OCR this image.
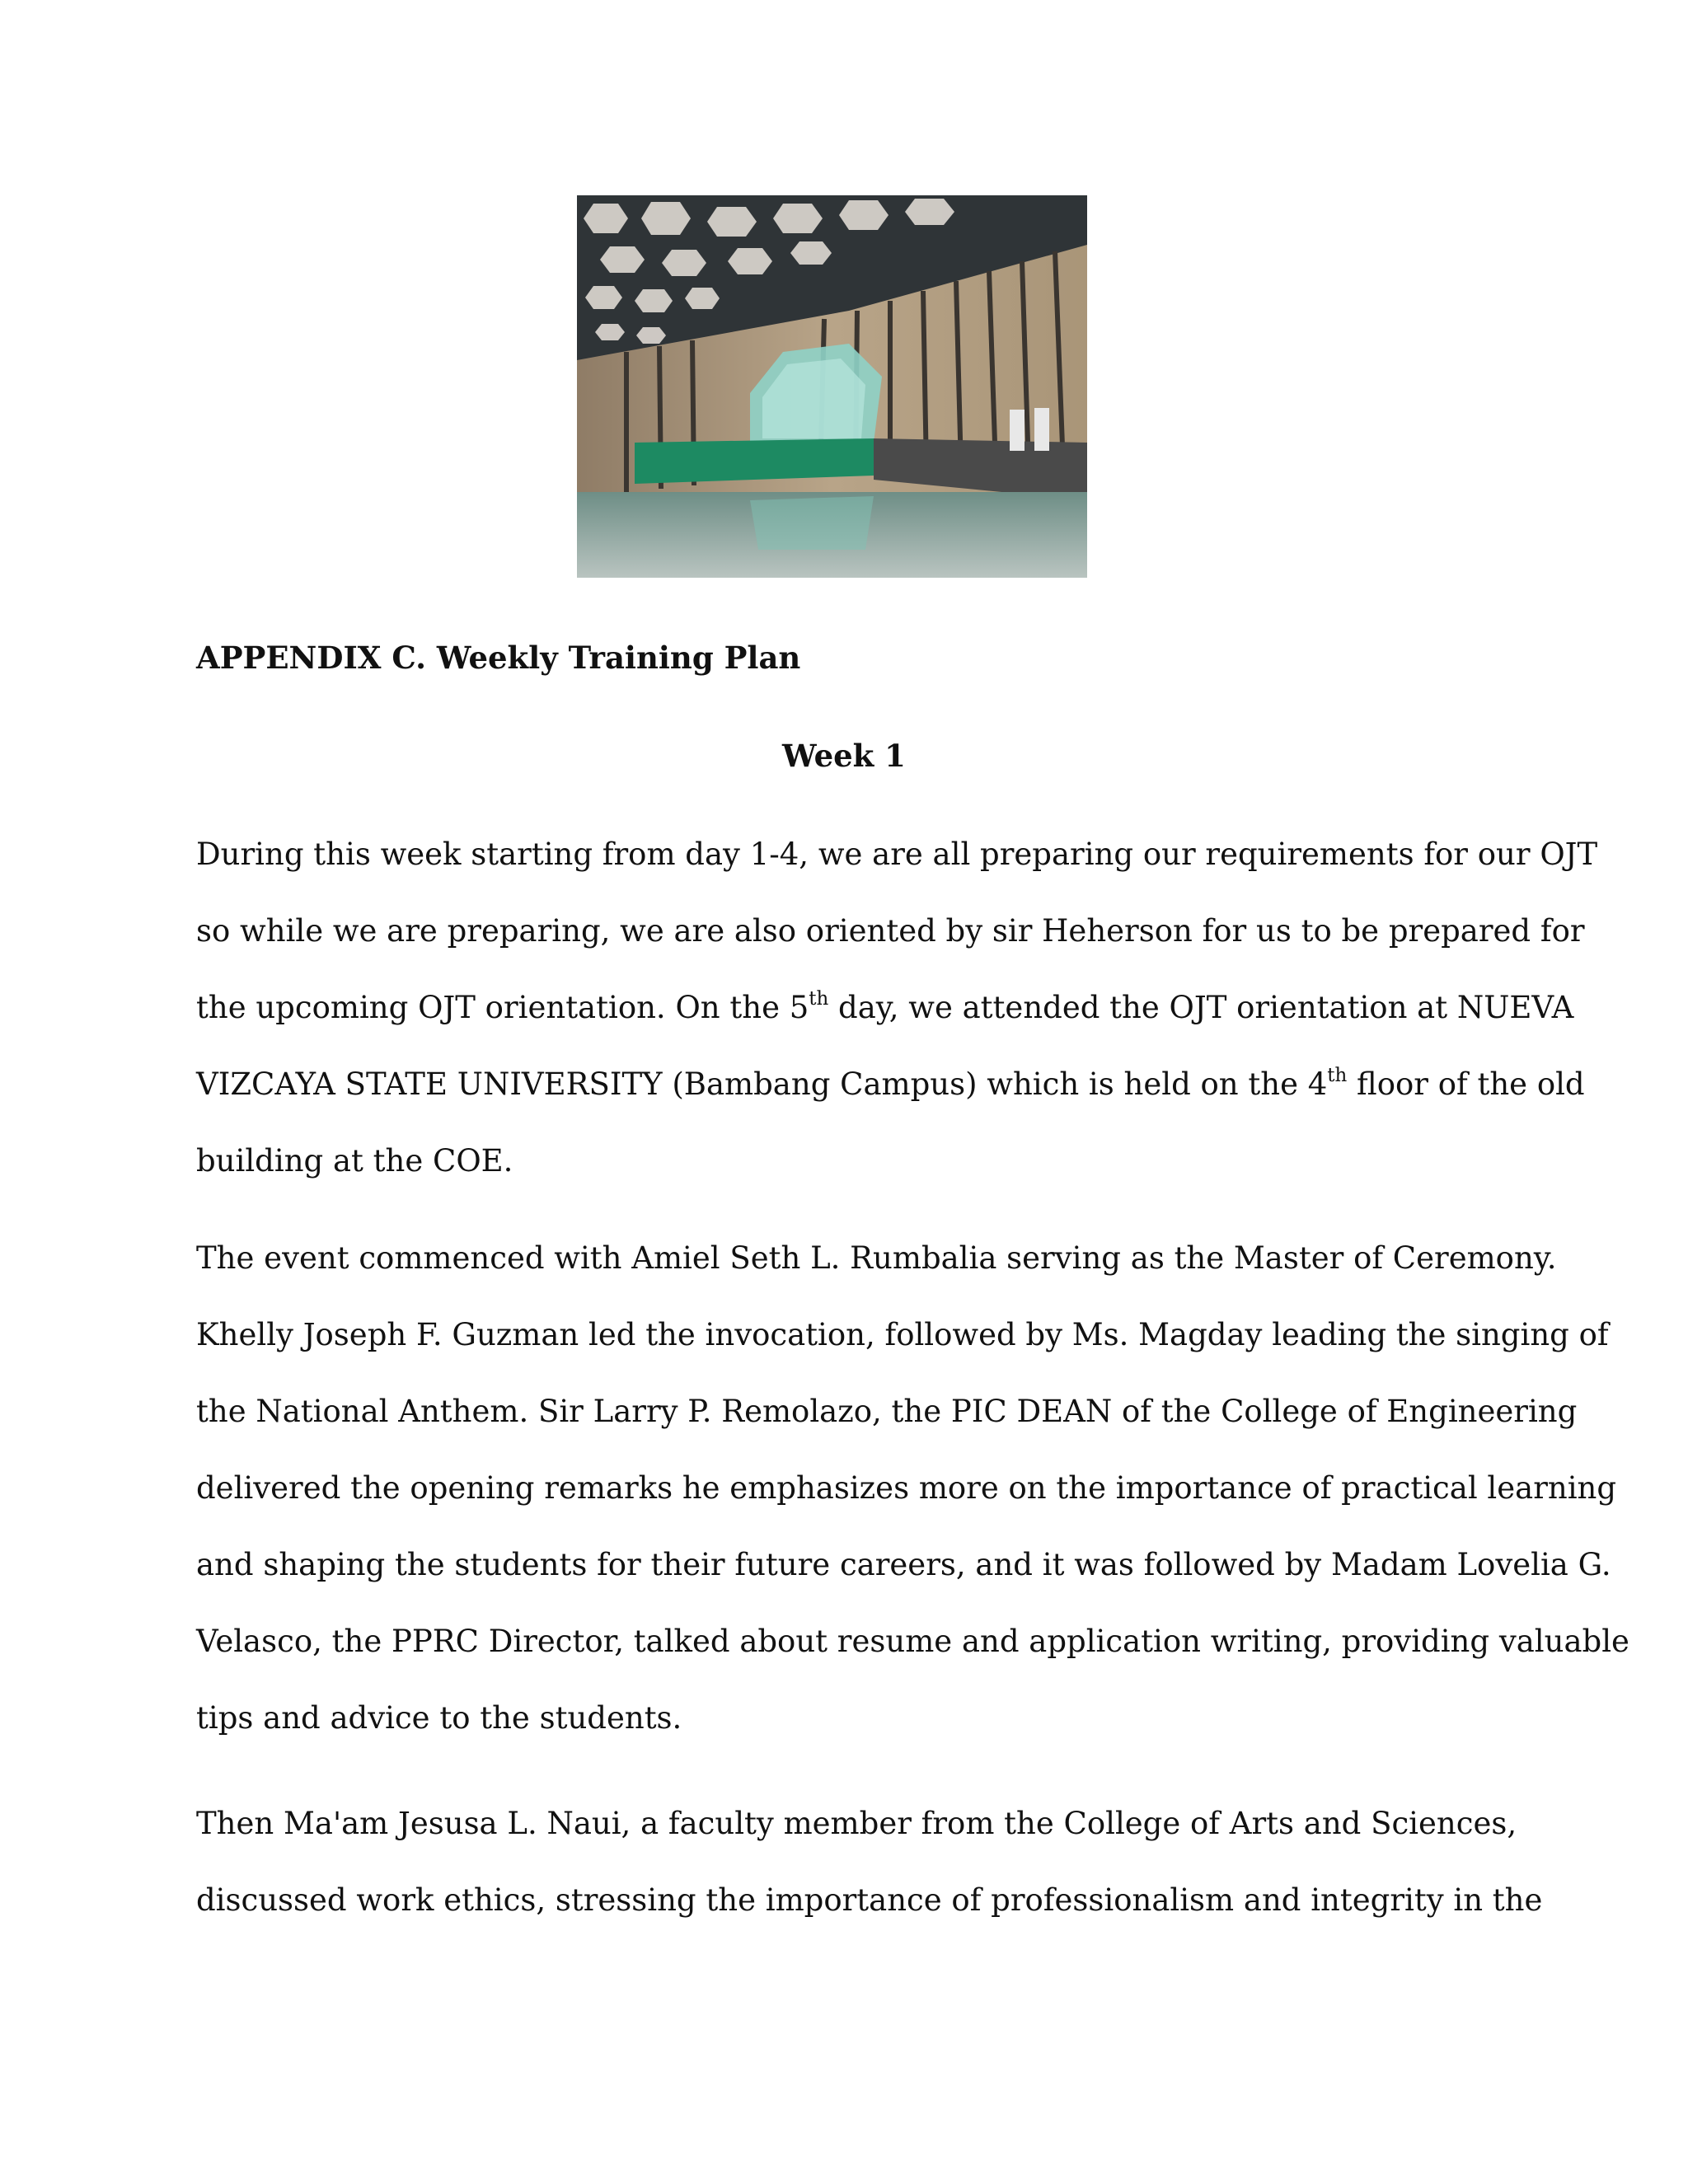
APPENDIX C. Weekly Training Plan

Week 1

During this week starting from day 1-4, we are all preparing our requirements for our OJT
so while we are preparing, we are also oriented by sir Heherson for us to be prepared for
the upcoming OJT orientation. On the 5th day, we attended the OJT orientation at NUEVA
VIZCAYA STATE UNIVERSITY (Bambang Campus) which is held on the 4th floor of the old
building at the COE.

The event commenced with Amiel Seth L. Rumbalia serving as the Master of Ceremony.
Khelly Joseph F. Guzman led the invocation, followed by Ms. Magday leading the singing of
the National Anthem. Sir Larry P. Remolazo, the PIC DEAN of the College of Engineering
delivered the opening remarks he emphasizes more on the importance of practical learning
and shaping the students for their future careers, and it was followed by Madam Lovelia G.
Velasco, the PPRC Director, talked about resume and application writing, providing valuable
tips and advice to the students.

Then Ma'am Jesusa L. Naui, a faculty member from the College of Arts and Sciences,
discussed work ethics, stressing the importance of professionalism and integrity in the
